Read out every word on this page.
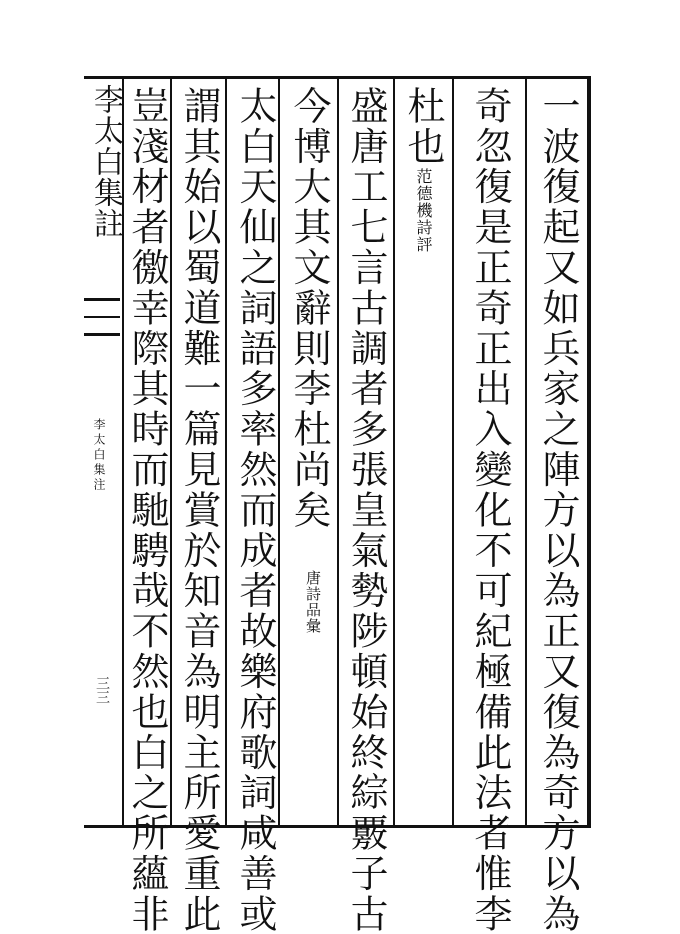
李太白集註
李太白集注
三三	一波復起又如兵家之陣方以為正又復為奇方以為
奇忽復是正奇正出入變化不可紀極備此法者惟李
杜也
范德機詩評
盛唐工七言古調者多張皇氣勢陟頓始終綜覈子古
今博大其文辭則李杜尚矣
唐詩品彙
太白天仙之詞語多率然而成者故樂府歌詞咸善或
謂其始以蜀道難一篇見賞於知音為明主所愛重此
豈淺材者徼幸際其時而馳騁哉不然也白之所蘊非
